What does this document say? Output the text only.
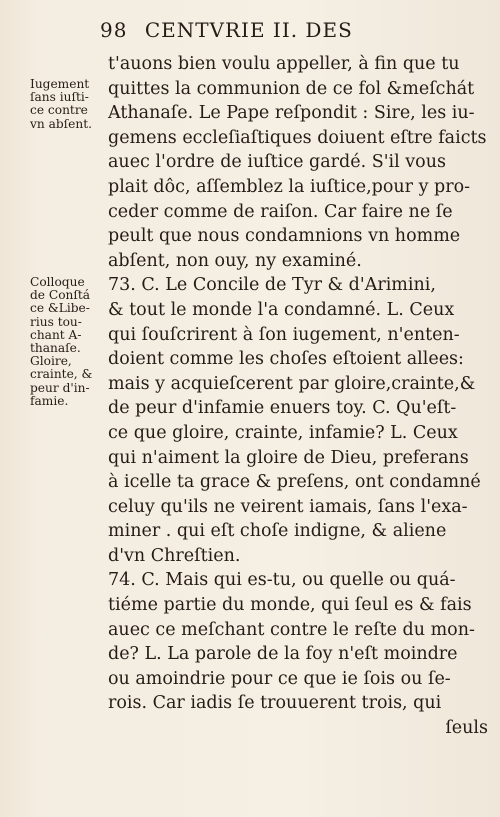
98 CENTVRIE II. DES
Iugement
ſans iuſti-
ce contre
vn abſent.
Colloque
de Conſtá
ce &Libe-
rius tou-
chant A-
thanaſe.
Gloire,
crainte, &
peur d'in-
famie.
t'auons bien voulu appeller, à fin que tu
quittes la communion de ce fol &meſchát
Athanaſe. Le Pape reſpondit : Sire, les iu-
gemens eccleſiaſtiques doiuent eſtre faicts
auec l'ordre de iuſtice gardé. S'il vous
plait dôc, aſſemblez la iuſtice,pour y pro-
ceder comme de raiſon. Car faire ne ſe
peult que nous condamnions vn homme
abſent, non ouy, ny examiné.
73. C. Le Concile de Tyr & d'Arimini,
& tout le monde l'a condamné. L. Ceux
qui ſouſcrirent à ſon iugement, n'enten-
doient comme les choſes eſtoient allees:
mais y acquieſcerent par gloire,crainte,&
de peur d'infamie enuers toy. C. Qu'eſt-
ce que gloire, crainte, infamie? L. Ceux
qui n'aiment la gloire de Dieu, preferans
à icelle ta grace & preſens, ont condamné
celuy qu'ils ne veirent iamais, ſans l'exa-
miner . qui eſt choſe indigne, & aliene
d'vn Chreſtien.
74. C. Mais qui es-tu, ou quelle ou quá-
tiéme partie du monde, qui ſeul es & fais
auec ce meſchant contre le reſte du mon-
de? L. La parole de la foy n'eſt moindre
ou amoindrie pour ce que ie ſois ou ſe-
rois. Car iadis ſe trouuerent trois, qui
ſeuls
